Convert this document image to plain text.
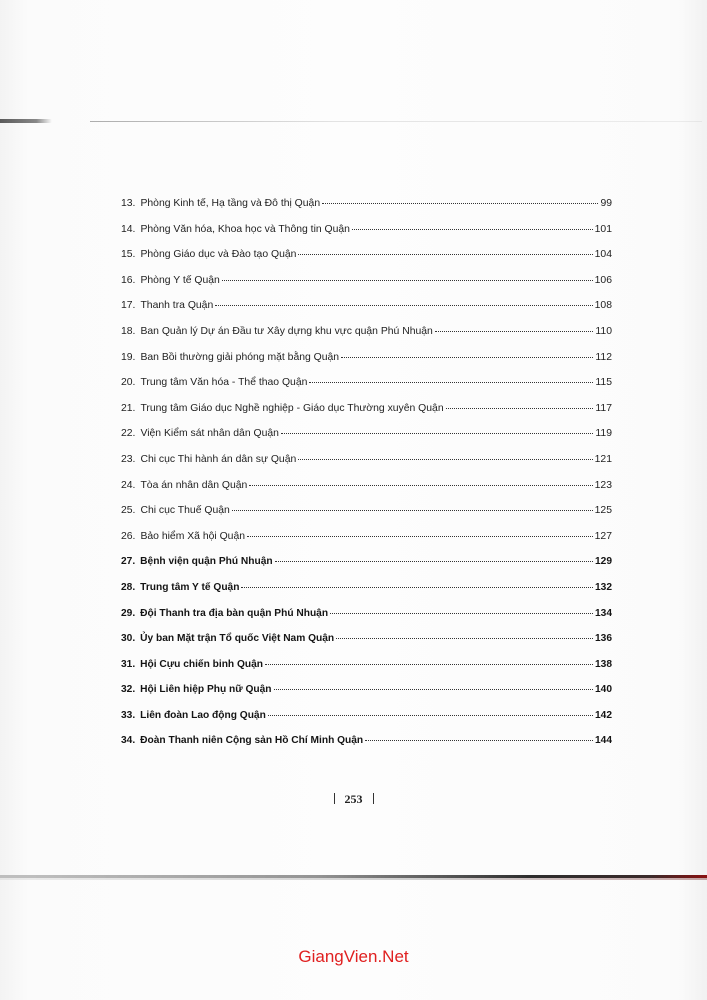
13. Phòng Kinh tế, Hạ tầng và Đô thị Quận	99
14. Phòng Văn hóa, Khoa học và Thông tin Quận	101
15. Phòng Giáo dục và Đào tạo Quận	104
16. Phòng Y tế Quận	106
17. Thanh tra Quận	108
18. Ban Quản lý Dự án Đầu tư Xây dựng khu vực quận Phú Nhuận	110
19. Ban Bồi thường giải phóng mặt bằng Quận	112
20. Trung tâm Văn hóa - Thể thao Quận	115
21. Trung tâm Giáo dục Nghề nghiệp - Giáo dục Thường xuyên Quận	117
22. Viện Kiểm sát nhân dân Quận	119
23. Chi cục Thi hành án dân sự Quận	121
24. Tòa án nhân dân Quận	123
25. Chi cục Thuế Quận	125
26. Bảo hiểm Xã hội Quận	127
27. Bệnh viện quận Phú Nhuận	129
28. Trung tâm Y tế Quận	132
29. Đội Thanh tra địa bàn quận Phú Nhuận	134
30. Ủy ban Mặt trận Tổ quốc Việt Nam Quận	136
31. Hội Cựu chiến binh Quận	138
32. Hội Liên hiệp Phụ nữ Quận	140
33. Liên đoàn Lao động Quận	142
34. Đoàn Thanh niên Cộng sản Hồ Chí Minh Quận	144
253
GiangVien.Net
